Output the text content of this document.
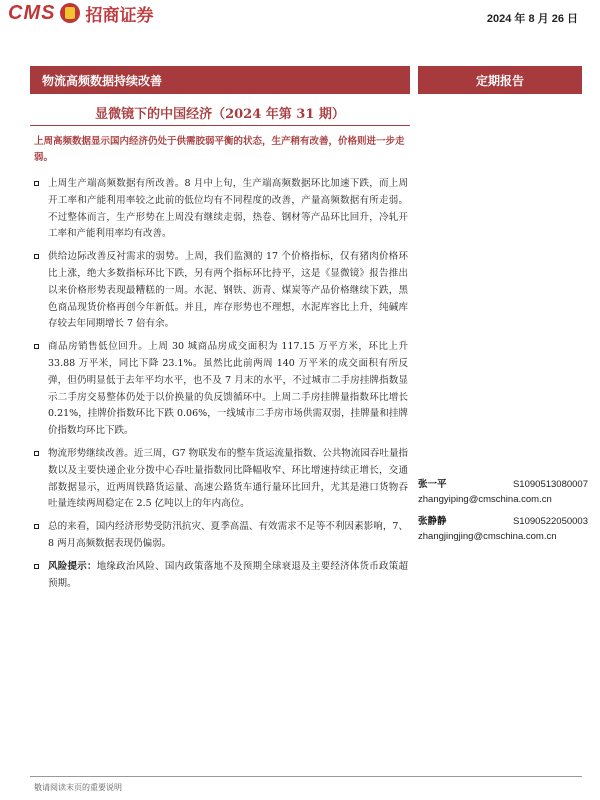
CMS 招商证券	2024 年 8 月 26 日
物流高频数据持续改善	定期报告
显微镜下的中国经济（2024 年第 31 期）

上周高频数据显示国内经济仍处于供需胶弱平衡的状态，生产稍有改善，价格则进一步走弱。

上周生产端高频数据有所改善。8 月中上旬，生产端高频数据环比加速下跌，而上周开工率和产能利用率较之此前的低位均有不同程度的改善，产量高频数据有所走弱。不过整体而言，生产形势在上周没有继续走弱，热卷、钢材等产品环比回升，冷轧开工率和产能利用率均有改善。
供给边际改善反衬需求的弱势。上周，我们监测的 17 个价格指标，仅有猪肉价格环比上涨，绝大多数指标环比下跌，另有两个指标环比持平，这是《显微镜》报告推出以来价格形势表现最糟糕的一周。水泥、钢铁、沥青、煤炭等产品价格继续下跌，黑色商品现货价格再创今年新低。并且，库存形势也不理想，水泥库容比上升，纯碱库存较去年同期增长 7 倍有余。
商品房销售低位回升。上周 30 城商品房成交面积为 117.15 万平方米，环比上升 33.88 万平米，同比下降 23.1%。虽然比此前两周 140 万平米的成交面积有所反弹，但仍明显低于去年平均水平，也不及 7 月末的水平，不过城市二手房挂牌指数显示二手房交易整体仍处于以价换量的负反馈循环中。上周二手房挂牌量指数环比增长 0.21%，挂牌价指数环比下跌 0.06%，一线城市二手房市场供需双弱，挂牌量和挂牌价指数均环比下跌。
物流形势继续改善。近三周，G7 物联发布的整车货运流量指数、公共物流园吞吐量指数以及主要快递企业分拨中心吞吐量指数同比降幅收窄、环比增速持续正增长，交通部数据显示，近两周铁路货运量、高速公路货车通行量环比回升，尤其是港口货物吞吐量连续两周稳定在 2.5 亿吨以上的年内高位。
总的来看，国内经济形势受防汛抗灾、夏季高温、有效需求不足等不利因素影响，7、8 两月高频数据表现仍偏弱。
风险提示：地缘政治风险、国内政策落地不及预期全球衰退及主要经济体货币政策超预期。
张一平	S1090513080007
zhangyiping@cmschina.com.cn
张静静	S1090522050003
zhangjingjing@cmschina.com.cn
敬请阅读末页的重要说明
